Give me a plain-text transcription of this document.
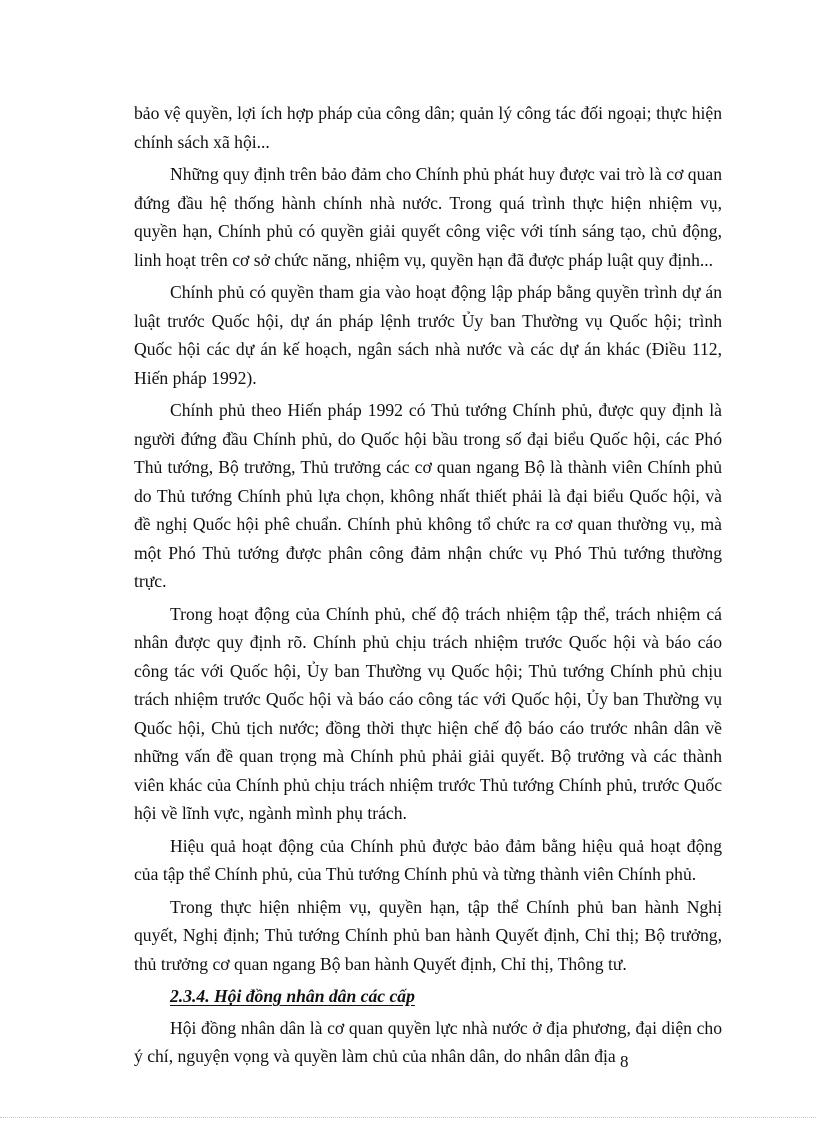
bảo vệ quyền, lợi ích hợp pháp của công dân; quản lý công tác đối ngoại; thực hiện chính sách xã hội...

Những quy định trên bảo đảm cho Chính phủ phát huy được vai trò là cơ quan đứng đầu hệ thống hành chính nhà nước. Trong quá trình thực hiện nhiệm vụ, quyền hạn, Chính phủ có quyền giải quyết công việc với tính sáng tạo, chủ động, linh hoạt trên cơ sở chức năng, nhiệm vụ, quyền hạn đã được pháp luật quy định...

Chính phủ có quyền tham gia vào hoạt động lập pháp bằng quyền trình dự án luật trước Quốc hội, dự án pháp lệnh trước Ủy ban Thường vụ Quốc hội; trình Quốc hội các dự án kế hoạch, ngân sách nhà nước và các dự án khác (Điều 112, Hiến pháp 1992).

Chính phủ theo Hiến pháp 1992 có Thủ tướng Chính phủ, được quy định là người đứng đầu Chính phủ, do Quốc hội bầu trong số đại biểu Quốc hội, các Phó Thủ tướng, Bộ trưởng, Thủ trưởng các cơ quan ngang Bộ là thành viên Chính phủ do Thủ tướng Chính phủ lựa chọn, không nhất thiết phải là đại biểu Quốc hội, và đề nghị Quốc hội phê chuẩn. Chính phủ không tổ chức ra cơ quan thường vụ, mà một Phó Thủ tướng được phân công đảm nhận chức vụ Phó Thủ tướng thường trực.

Trong hoạt động của Chính phủ, chế độ trách nhiệm tập thể, trách nhiệm cá nhân được quy định rõ. Chính phủ chịu trách nhiệm trước Quốc hội và báo cáo công tác với Quốc hội, Ủy ban Thường vụ Quốc hội; Thủ tướng Chính phủ chịu trách nhiệm trước Quốc hội và báo cáo công tác với Quốc hội, Ủy ban Thường vụ Quốc hội, Chủ tịch nước; đồng thời thực hiện chế độ báo cáo trước nhân dân về những vấn đề quan trọng mà Chính phủ phải giải quyết. Bộ trưởng và các thành viên khác của Chính phủ chịu trách nhiệm trước Thủ tướng Chính phủ, trước Quốc hội về lĩnh vực, ngành mình phụ trách.

Hiệu quả hoạt động của Chính phủ được bảo đảm bằng hiệu quả hoạt động của tập thể Chính phủ, của Thủ tướng Chính phủ và từng thành viên Chính phủ.

Trong thực hiện nhiệm vụ, quyền hạn, tập thể Chính phủ ban hành Nghị quyết, Nghị định; Thủ tướng Chính phủ ban hành Quyết định, Chỉ thị; Bộ trưởng, thủ trưởng cơ quan ngang Bộ ban hành Quyết định, Chỉ thị, Thông tư.

2.3.4. Hội đồng nhân dân các cấp

Hội đồng nhân dân là cơ quan quyền lực nhà nước ở địa phương, đại diện cho ý chí, nguyện vọng và quyền làm chủ của nhân dân, do nhân dân địa 8
